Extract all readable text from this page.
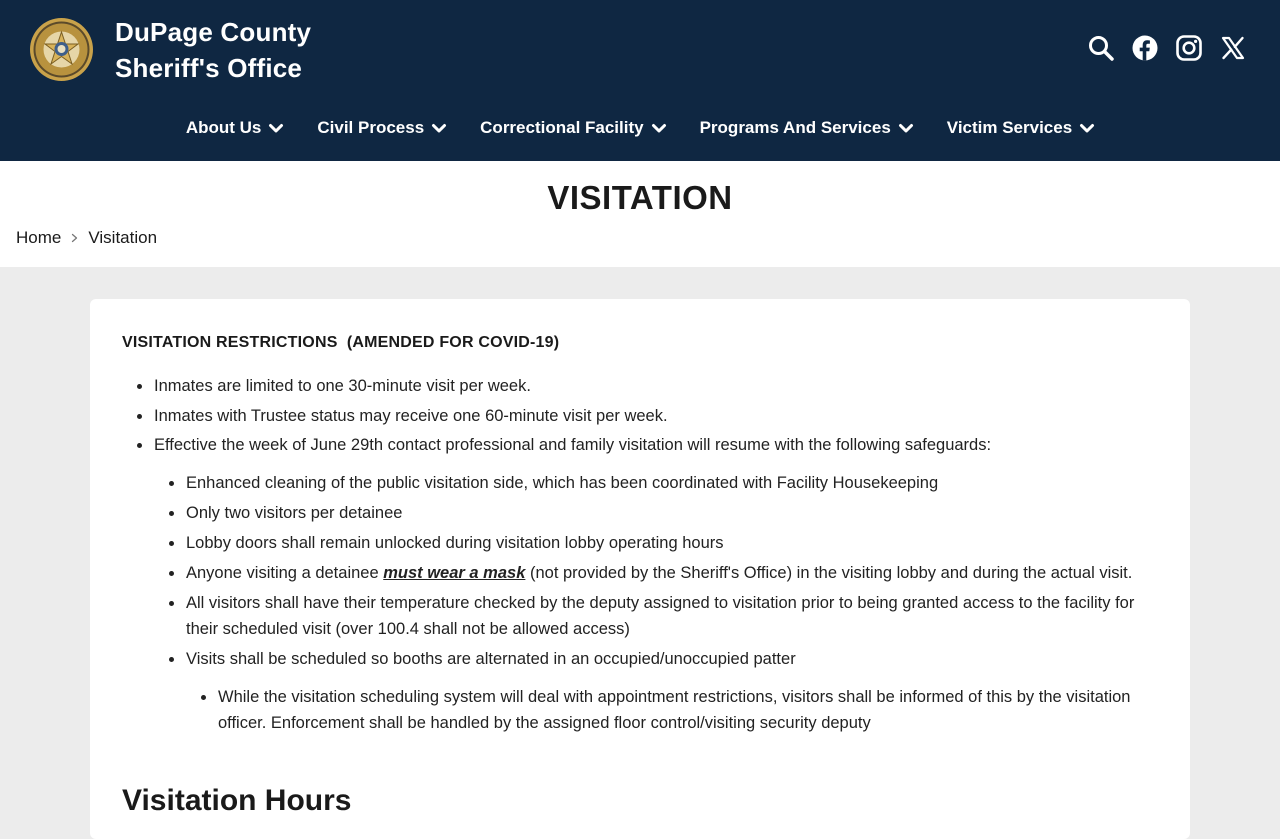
DuPage County
Sheriff's Office
About Us	Civil Process	Correctional Facility	Programs And Services	Victim Services
VISITATION
Home Visitation
VISITATION RESTRICTIONS  (AMENDED FOR COVID-19)
Inmates are limited to one 30-minute visit per week.
Inmates with Trustee status may receive one 60-minute visit per week.
Effective the week of June 29th contact professional and family visitation will resume with the following safeguards:
Enhanced cleaning of the public visitation side, which has been coordinated with Facility Housekeeping
Only two visitors per detainee
Lobby doors shall remain unlocked during visitation lobby operating hours
Anyone visiting a detainee must wear a mask (not provided by the Sheriff's Office) in the visiting lobby and during the actual visit.
All visitors shall have their temperature checked by the deputy assigned to visitation prior to being granted access to the facility for their scheduled visit (over 100.4 shall not be allowed access)
Visits shall be scheduled so booths are alternated in an occupied/unoccupied patter
While the visitation scheduling system will deal with appointment restrictions, visitors shall be informed of this by the visitation officer. Enforcement shall be handled by the assigned floor control/visiting security deputy
Visitation Hours
